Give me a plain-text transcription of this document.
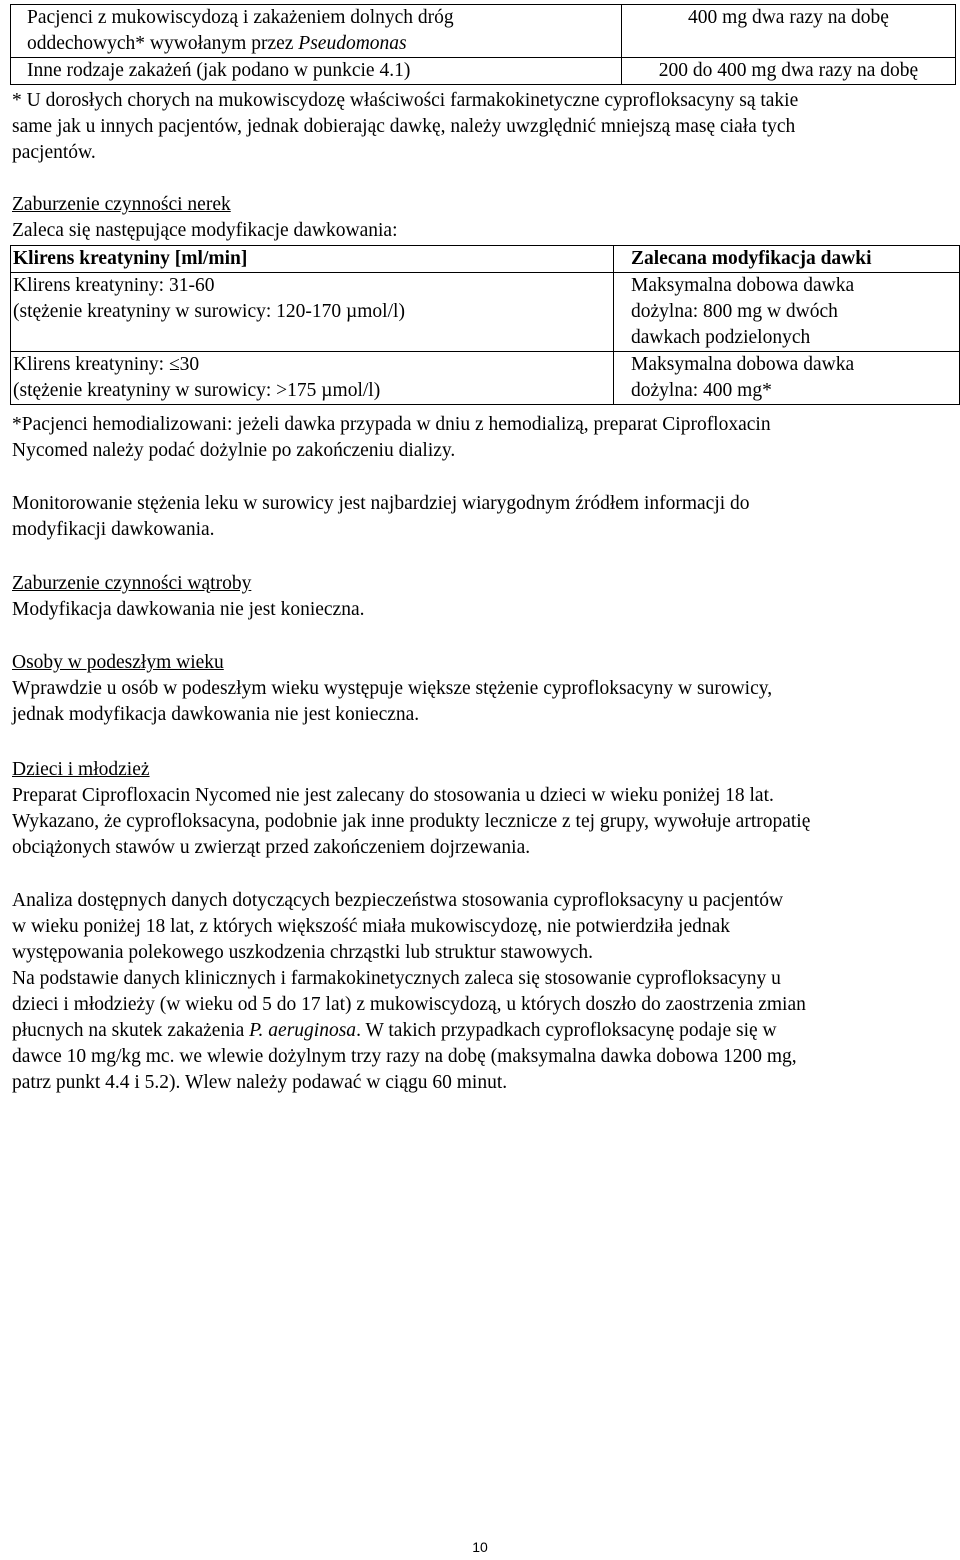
Pacjenci z mukowiscydozą i zakażeniem dolnych dróg
oddechowych* wywołanym przez Pseudomonas	400 mg dwa razy na dobę
Inne rodzaje zakażeń (jak podano w punkcie 4.1)	200 do 400 mg dwa razy na dobę
* U dorosłych chorych na mukowiscydozę właściwości farmakokinetyczne cyprofloksacyny są takie
same jak u innych pacjentów, jednak dobierając dawkę, należy uwzględnić mniejszą masę ciała tych
pacjentów.
Zaburzenie czynności nerek
Zaleca się następujące modyfikacje dawkowania:
Klirens kreatyniny [ml/min]	Zalecana modyfikacja dawki

Klirens kreatyniny: 31-60
(stężenie kreatyniny w surowicy: 120-170 µmol/l)	Maksymalna dobowa dawka
dożylna: 800 mg w dwóch
dawkach podzielonych

Klirens kreatyniny: ≤30
(stężenie kreatyniny w surowicy: >175 µmol/l)	Maksymalna dobowa dawka
dożylna: 400 mg*
*Pacjenci hemodializowani: jeżeli dawka przypada w dniu z hemodializą, preparat Ciprofloxacin
Nycomed należy podać dożylnie po zakończeniu dializy.
Monitorowanie stężenia leku w surowicy jest najbardziej wiarygodnym źródłem informacji do
modyfikacji dawkowania.
Zaburzenie czynności wątroby
Modyfikacja dawkowania nie jest konieczna.
Osoby w podeszłym wieku
Wprawdzie u osób w podeszłym wieku występuje większe stężenie cyprofloksacyny w surowicy,
jednak modyfikacja dawkowania nie jest konieczna.
Dzieci i młodzież
Preparat Ciprofloxacin Nycomed nie jest zalecany do stosowania u dzieci w wieku poniżej 18 lat.
Wykazano, że cyprofloksacyna, podobnie jak inne produkty lecznicze z tej grupy, wywołuje artropatię
obciążonych stawów u zwierząt przed zakończeniem dojrzewania.
Analiza dostępnych danych dotyczących bezpieczeństwa stosowania cyprofloksacyny u pacjentów
w wieku poniżej 18 lat, z których większość miała mukowiscydozę, nie potwierdziła jednak
występowania polekowego uszkodzenia chrząstki lub struktur stawowych.
Na podstawie danych klinicznych i farmakokinetycznych zaleca się stosowanie cyprofloksacyny u
dzieci i młodzieży (w wieku od 5 do 17 lat) z mukowiscydozą, u których doszło do zaostrzenia zmian
płucnych na skutek zakażenia P. aeruginosa. W takich przypadkach cyprofloksacynę podaje się w
dawce 10 mg/kg mc. we wlewie dożylnym trzy razy na dobę (maksymalna dawka dobowa 1200 mg,
patrz punkt 4.4 i 5.2). Wlew należy podawać w ciągu 60 minut.
10
